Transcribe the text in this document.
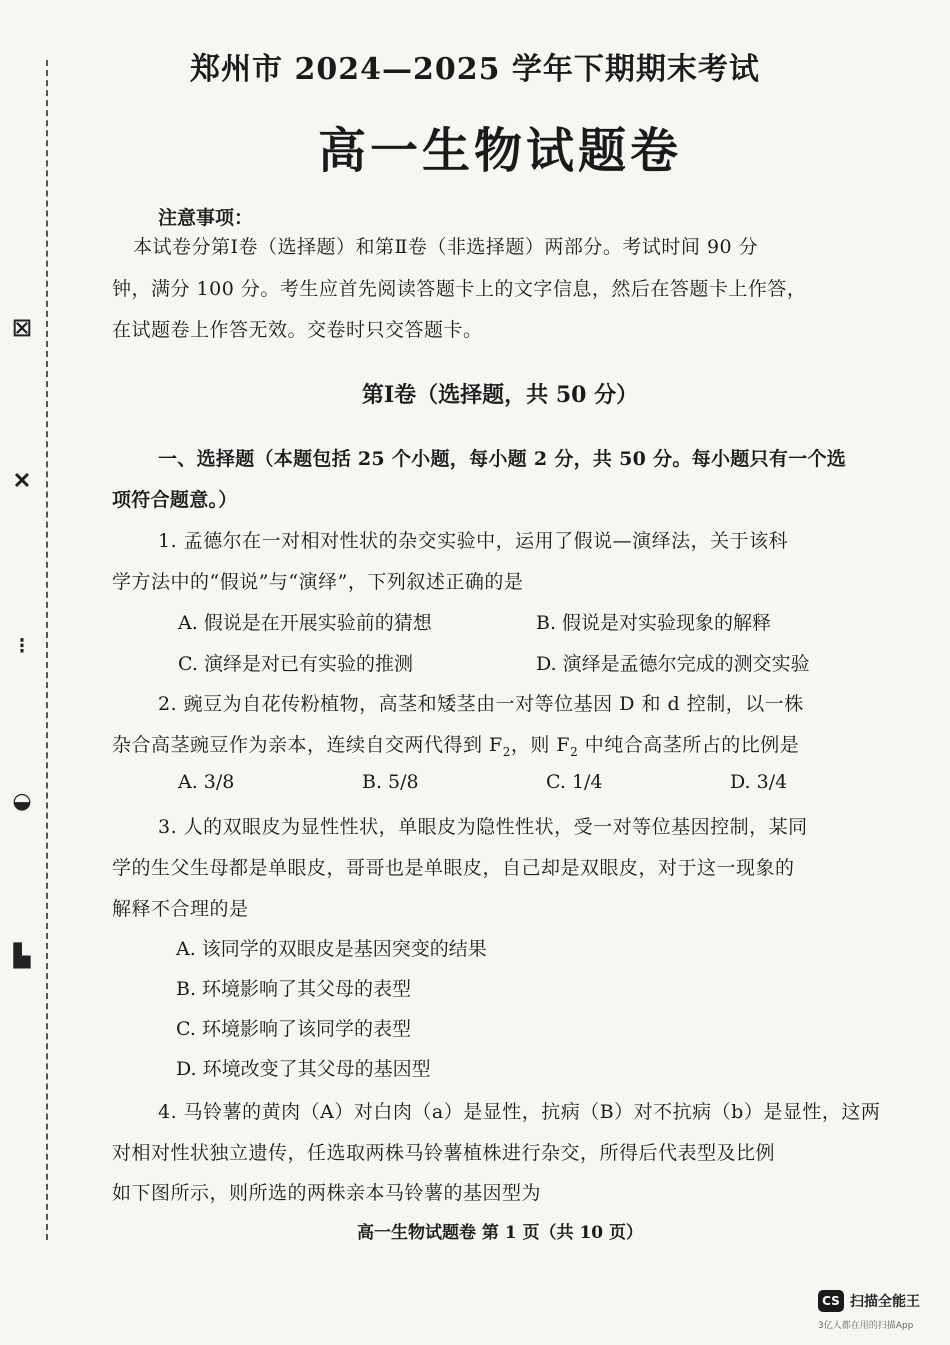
☒
✕
⁝
◒
▙
郑州市 2024—2025 学年下期期末考试
高一生物试题卷
注意事项：
本试卷分第Ⅰ卷（选择题）和第Ⅱ卷（非选择题）两部分。考试时间 90 分
钟，满分 100 分。考生应首先阅读答题卡上的文字信息，然后在答题卡上作答，
在试题卷上作答无效。交卷时只交答题卡。
第Ⅰ卷（选择题，共 50 分）
一、选择题（本题包括 25 个小题，每小题 2 分，共 50 分。每小题只有一个选
项符合题意。）
1. 孟德尔在一对相对性状的杂交实验中，运用了假说—演绎法，关于该科
学方法中的“假说”与“演绎”，下列叙述正确的是
A. 假说是在开展实验前的猜想	B. 假说是对实验现象的解释
C. 演绎是对已有实验的推测	D. 演绎是孟德尔完成的测交实验
2. 豌豆为自花传粉植物，高茎和矮茎由一对等位基因 D 和 d 控制，以一株
杂合高茎豌豆作为亲本，连续自交两代得到 $F_2$，则 $F_2$ 中纯合高茎所占的比例是
A. 3/8	B. 5/8	C. 1/4	D. 3/4
3. 人的双眼皮为显性性状，单眼皮为隐性性状，受一对等位基因控制，某同
学的生父生母都是单眼皮，哥哥也是单眼皮，自己却是双眼皮，对于这一现象的
解释不合理的是
A. 该同学的双眼皮是基因突变的结果
B. 环境影响了其父母的表型
C. 环境影响了该同学的表型
D. 环境改变了其父母的基因型
4. 马铃薯的黄肉（A）对白肉（a）是显性，抗病（B）对不抗病（b）是显性，这两
对相对性状独立遗传，任选取两株马铃薯植株进行杂交，所得后代表型及比例
如下图所示，则所选的两株亲本马铃薯的基因型为
高一生物试题卷 第 1 页（共 10 页）
CS 扫描全能王
3亿人都在用的扫描App
